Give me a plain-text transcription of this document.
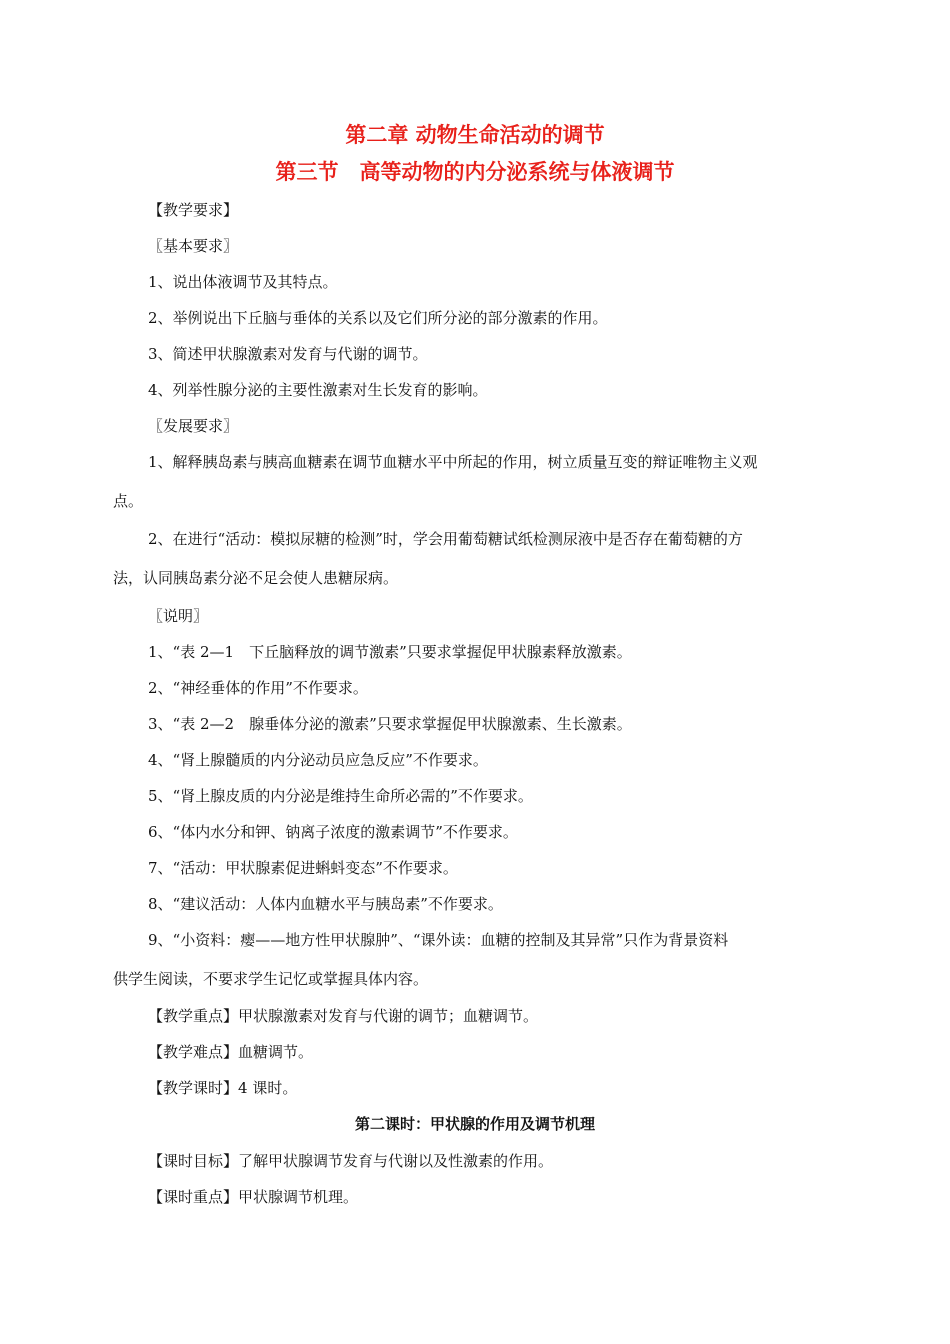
第二章 动物生命活动的调节
第三节　高等动物的内分泌系统与体液调节
【教学要求】
〖基本要求〗
1、说出体液调节及其特点。
2、举例说出下丘脑与垂体的关系以及它们所分泌的部分激素的作用。
3、简述甲状腺激素对发育与代谢的调节。
4、列举性腺分泌的主要性激素对生长发育的影响。
〖发展要求〗
1、解释胰岛素与胰高血糖素在调节血糖水平中所起的作用，树立质量互变的辩证唯物主义观
点。
2、在进行“活动：模拟尿糖的检测”时，学会用葡萄糖试纸检测尿液中是否存在葡萄糖的方
法，认同胰岛素分泌不足会使人患糖尿病。
〖说明〗
1、“表 2—1　下丘脑释放的调节激素”只要求掌握促甲状腺素释放激素。
2、“神经垂体的作用”不作要求。
3、“表 2—2　腺垂体分泌的激素”只要求掌握促甲状腺激素、生长激素。
4、“肾上腺髓质的内分泌动员应急反应”不作要求。
5、“肾上腺皮质的内分泌是维持生命所必需的”不作要求。
6、“体内水分和钾、钠离子浓度的激素调节”不作要求。
7、“活动：甲状腺素促进蝌蚪变态”不作要求。
8、“建议活动：人体内血糖水平与胰岛素”不作要求。
9、“小资料：瘿——地方性甲状腺肿”、“课外读：血糖的控制及其异常”只作为背景资料
供学生阅读，不要求学生记忆或掌握具体内容。
【教学重点】甲状腺激素对发育与代谢的调节；血糖调节。
【教学难点】血糖调节。
【教学课时】4 课时。
第二课时：甲状腺的作用及调节机理
【课时目标】了解甲状腺调节发育与代谢以及性激素的作用。
【课时重点】甲状腺调节机理。
